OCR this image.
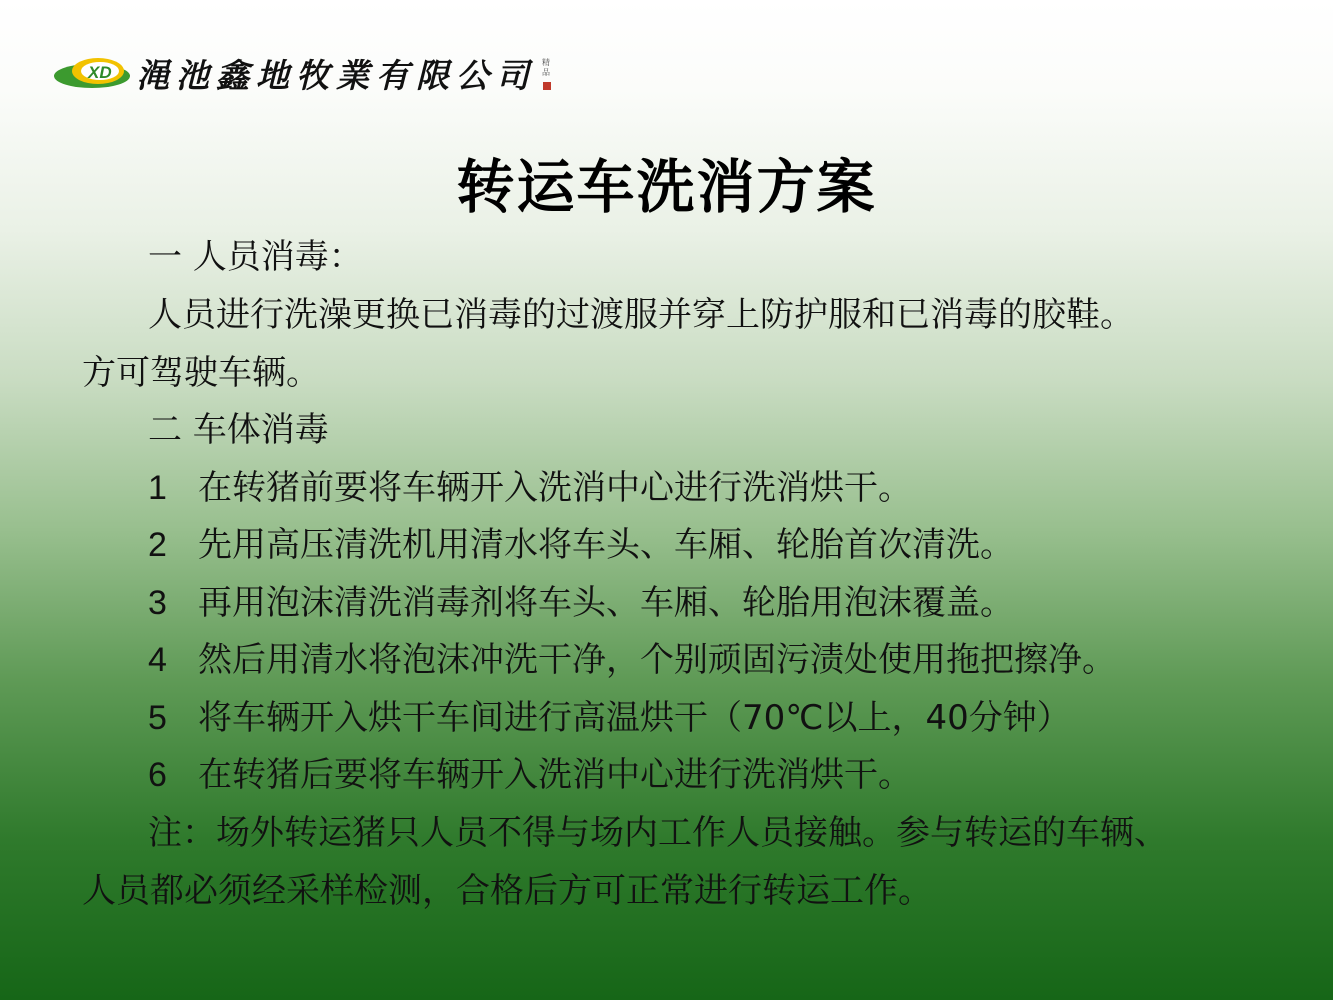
XD 渑池鑫地牧業有限公司 精
品
转运车洗消方案
一 人员消毒：
人员进行洗澡更换已消毒的过渡服并穿上防护服和已消毒的胶鞋。
方可驾驶车辆。
二 车体消毒
1 在转猪前要将车辆开入洗消中心进行洗消烘干。
2 先用高压清洗机用清水将车头、车厢、轮胎首次清洗。
3 再用泡沫清洗消毒剂将车头、车厢、轮胎用泡沫覆盖。
4 然后用清水将泡沫冲洗干净，个别顽固污渍处使用拖把擦净。
5 将车辆开入烘干车间进行高温烘干（70℃以上，40分钟）
6 在转猪后要将车辆开入洗消中心进行洗消烘干。
注：场外转运猪只人员不得与场内工作人员接触。参与转运的车辆、
人员都必须经采样检测，合格后方可正常进行转运工作。
